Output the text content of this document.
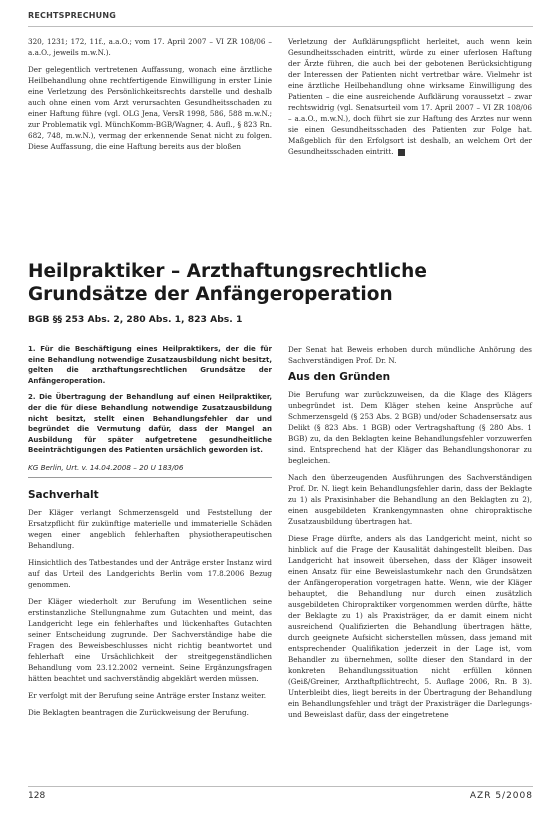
RECHTSPRECHUNG

320, 1231; 172, 11f., a.a.O.; vom 17. April 2007 – VI ZR 108/06 – a.a.O., jeweils m.w.N.).

Der gelegentlich vertretenen Auffassung, wonach eine ärztliche Heilbehandlung ohne rechtfertigende Einwilligung in erster Linie eine Verletzung des Persönlichkeitsrechts darstelle und deshalb auch ohne einen vom Arzt verursachten Gesundheitsschaden zu einer Haftung führe (vgl. OLG Jena, VersR 1998, 586, 588 m.w.N.; zur Problematik vgl. MünchKomm-BGB/Wagner, 4. Aufl., § 823 Rn. 682, 748, m.w.N.), vermag der erkennende Senat nicht zu folgen. Diese Auffassung, die eine Haftung bereits aus der bloßen

Verletzung der Aufklärungspflicht herleitet, auch wenn kein Gesundheitsschaden eintritt, würde zu einer uferlosen Haftung der Ärzte führen, die auch bei der gebotenen Berücksichtigung der Interessen der Patienten nicht vertretbar wäre. Vielmehr ist eine ärztliche Heilbehandlung ohne wirksame Einwilligung des Patienten – die eine ausreichende Aufklärung voraussetzt – zwar rechtswidrig (vgl. Senatsurteil vom 17. April 2007 – VI ZR 108/06 – a.a.O., m.w.N.), doch führt sie zur Haftung des Arztes nur wenn sie einen Gesundheitsschaden des Patienten zur Folge hat. Maßgeblich für den Erfolgsort ist deshalb, an welchem Ort der Gesundheitsschaden eintritt.

Heilpraktiker – Arzthaftungsrechtliche Grundsätze der Anfängeroperation
BGB §§ 253 Abs. 2, 280 Abs. 1, 823 Abs. 1

1. Für die Beschäftigung eines Heilpraktikers, der die für eine Behandlung notwendige Zusatzausbildung nicht besitzt, gelten die arzthaftungsrechtlichen Grundsätze der Anfängeroperation.

2. Die Übertragung der Behandlung auf einen Heilpraktiker, der die für diese Behandlung notwendige Zusatzausbildung nicht besitzt, stellt einen Behandlungsfehler dar und begründet die Vermutung dafür, dass der Mangel an Ausbildung für später aufgetretene gesundheitliche Beeinträchtigungen des Patienten ursächlich geworden ist.

KG Berlin, Urt. v. 14.04.2008 – 20 U 183/06
Sachverhalt

Der Kläger verlangt Schmerzensgeld und Feststellung der Ersatzpflicht für zukünftige materielle und immaterielle Schäden wegen einer angeblich fehlerhaften physiotherapeutischen Behandlung.

Hinsichtlich des Tatbestandes und der Anträge erster Instanz wird auf das Urteil des Landgerichts Berlin vom 17.8.2006 Bezug genommen.

Der Kläger wiederholt zur Berufung im Wesentlichen seine erstinstanzliche Stellungnahme zum Gutachten und meint, das Landgericht lege ein fehlerhaftes und lückenhaftes Gutachten seiner Entscheidung zugrunde. Der Sachverständige habe die Fragen des Beweisbeschlusses nicht richtig beantwortet und fehlerhaft eine Ursächlichkeit der streitgegenständlichen Behandlung vom 23.12.2002 verneint. Seine Ergänzungsfragen hätten beachtet und sachverständig abgeklärt werden müssen.

Er verfolgt mit der Berufung seine Anträge erster Instanz weiter.

Die Beklagten beantragen die Zurückweisung der Berufung.

Der Senat hat Beweis erhoben durch mündliche Anhörung des Sachverständigen Prof. Dr. N.

Aus den Gründen

Die Berufung war zurückzuweisen, da die Klage des Klägers unbegründet ist. Dem Kläger stehen keine Ansprüche auf Schmerzensgeld (§ 253 Abs. 2 BGB) und/oder Schadensersatz aus Delikt (§ 823 Abs. 1 BGB) oder Vertragshaftung (§ 280 Abs. 1 BGB) zu, da den Beklagten keine Behandlungsfehler vorzuwerfen sind. Entsprechend hat der Kläger das Behandlungshonorar zu begleichen.

Nach den überzeugenden Ausführungen des Sachverständigen Prof. Dr. N. liegt kein Behandlungsfehler darin, dass der Beklagte zu 1) als Praxisinhaber die Behandlung an den Beklagten zu 2), einen ausgebildeten Krankengymnasten ohne chiropraktische Zusatzausbildung übertragen hat.

Diese Frage dürfte, anders als das Landgericht meint, nicht so hinblick auf die Frage der Kausalität dahingestellt bleiben. Das Landgericht hat insoweit übersehen, dass der Kläger insoweit einen Ansatz für eine Beweislastumkehr nach den Grundsätzen der Anfängeroperation vorgetragen hatte. Wenn, wie der Kläger behauptet, die Behandlung nur durch einen zusätzlich ausgebildeten Chiropraktiker vorgenommen werden dürfte, hätte der Beklagte zu 1) als Praxisträger, da er damit einem nicht ausreichend Qualifizierten die Behandlung übertragen hätte, durch geeignete Aufsicht sicherstellen müssen, dass jemand mit entsprechender Qualifikation jederzeit in der Lage ist, vom Behandler zu übernehmen, sollte dieser den Standard in der konkreten Behandlungssituation nicht erfüllen können (Geiß/Greiner, Arzthaftpflichtrecht, 5. Auflage 2006, Rn. B 3). Unterbleibt dies, liegt bereits in der Übertragung der Behandlung ein Behandlungsfehler und trägt der Praxisträger die Darlegungs- und Beweislast dafür, dass der eingetretene

128	AZR 5/2008
